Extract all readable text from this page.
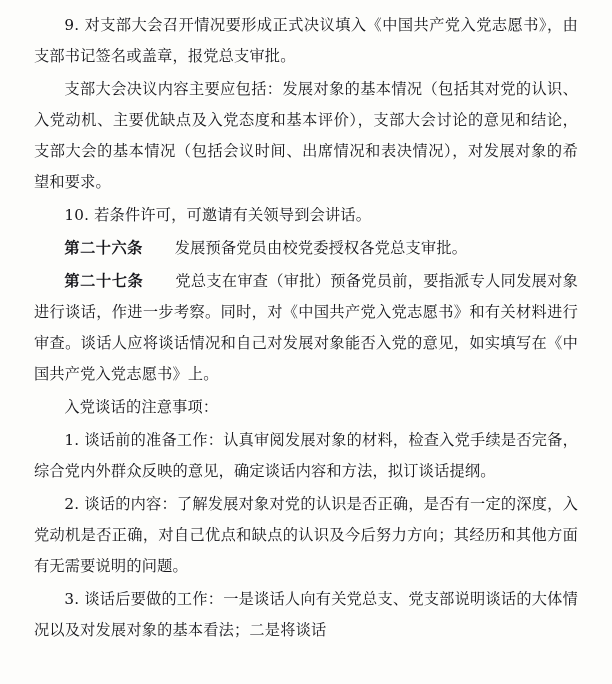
9. 对支部大会召开情况要形成正式决议填入《中国共产党入党志愿书》，由支部书记签名或盖章，报党总支审批。

支部大会决议内容主要应包括：发展对象的基本情况（包括其对党的认识、入党动机、主要优缺点及入党态度和基本评价），支部大会讨论的意见和结论，支部大会的基本情况（包括会议时间、出席情况和表决情况），对发展对象的希望和要求。

10. 若条件许可，可邀请有关领导到会讲话。

第二十六条 发展预备党员由校党委授权各党总支审批。

第二十七条 党总支在审查（审批）预备党员前，要指派专人同发展对象进行谈话，作进一步考察。同时，对《中国共产党入党志愿书》和有关材料进行审查。谈话人应将谈话情况和自己对发展对象能否入党的意见，如实填写在《中国共产党入党志愿书》上。

入党谈话的注意事项：

1. 谈话前的准备工作：认真审阅发展对象的材料，检查入党手续是否完备，综合党内外群众反映的意见，确定谈话内容和方法，拟订谈话提纲。

2. 谈话的内容：了解发展对象对党的认识是否正确，是否有一定的深度，入党动机是否正确，对自己优点和缺点的认识及今后努力方向；其经历和其他方面有无需要说明的问题。

3. 谈话后要做的工作：一是谈话人向有关党总支、党支部说明谈话的大体情况以及对发展对象的基本看法；二是将谈话
